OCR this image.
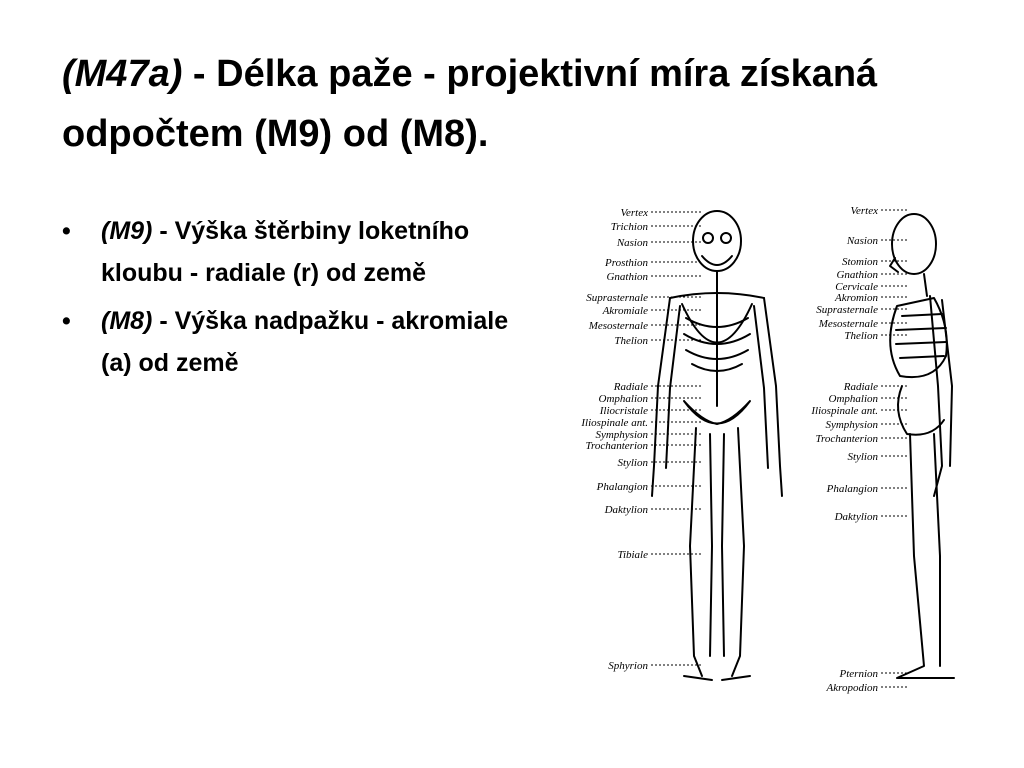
(M47a) - Délka paže - projektivní míra získaná odpočtem (M9) od (M8).
• (M9) - Výška štěrbiny loketního kloubu - radiale (r) od země
• (M8) - Výška nadpažku - akromiale (a) od země
Vertex
Trichion
Nasion
Prosthion
Gnathion
Suprasternale
Akromiale
Mesosternale
Thelion
Radiale
Omphalion
Iliocristale
Iliospinale ant.
Symphysion
Trochanterion
Stylion
Phalangion
Daktylion
Tibiale
Sphyrion
Vertex
Nasion
Stomion
Gnathion
Cervicale
Akromion
Suprasternale
Mesosternale
Thelion
Radiale
Omphalion
Iliospinale ant.
Symphysion
Trochanterion
Stylion
Phalangion
Daktylion
Pternion
Akropodion
